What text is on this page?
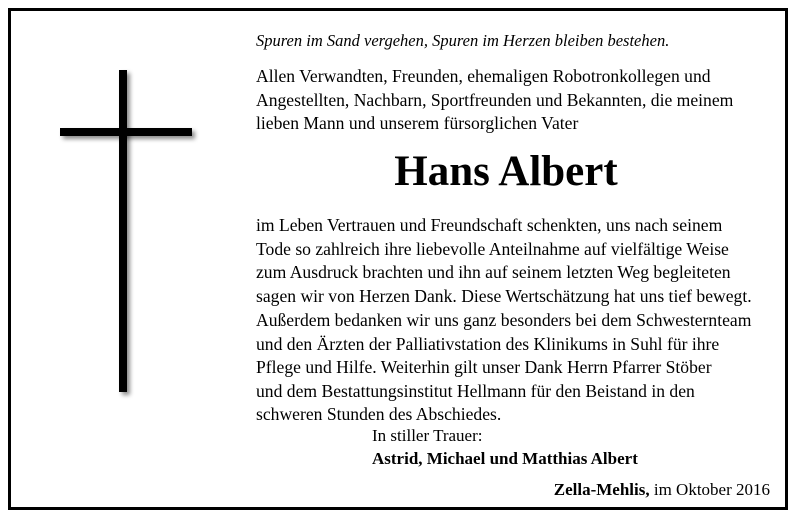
Spuren im Sand vergehen, Spuren im Herzen bleiben bestehen.
Allen Verwandten, Freunden, ehemaligen Robotronkollegen und
Angestellten, Nachbarn, Sportfreunden und Bekannten, die meinem
lieben Mann und unserem fürsorglichen Vater
Hans Albert
im Leben Vertrauen und Freundschaft schenkten, uns nach seinem
Tode so zahlreich ihre liebevolle Anteilnahme auf vielfältige Weise
zum Ausdruck brachten und ihn auf seinem letzten Weg begleiteten
sagen wir von Herzen Dank. Diese Wertschätzung hat uns tief bewegt.
Außerdem bedanken wir uns ganz besonders bei dem Schwesternteam
und den Ärzten der Palliativstation des Klinikums in Suhl für ihre
Pflege und Hilfe. Weiterhin gilt unser Dank Herrn Pfarrer Stöber
und dem Bestattungsinstitut Hellmann für den Beistand in den
schweren Stunden des Abschiedes.
In stiller Trauer:
Astrid, Michael und Matthias Albert
Zella-Mehlis, im Oktober 2016
